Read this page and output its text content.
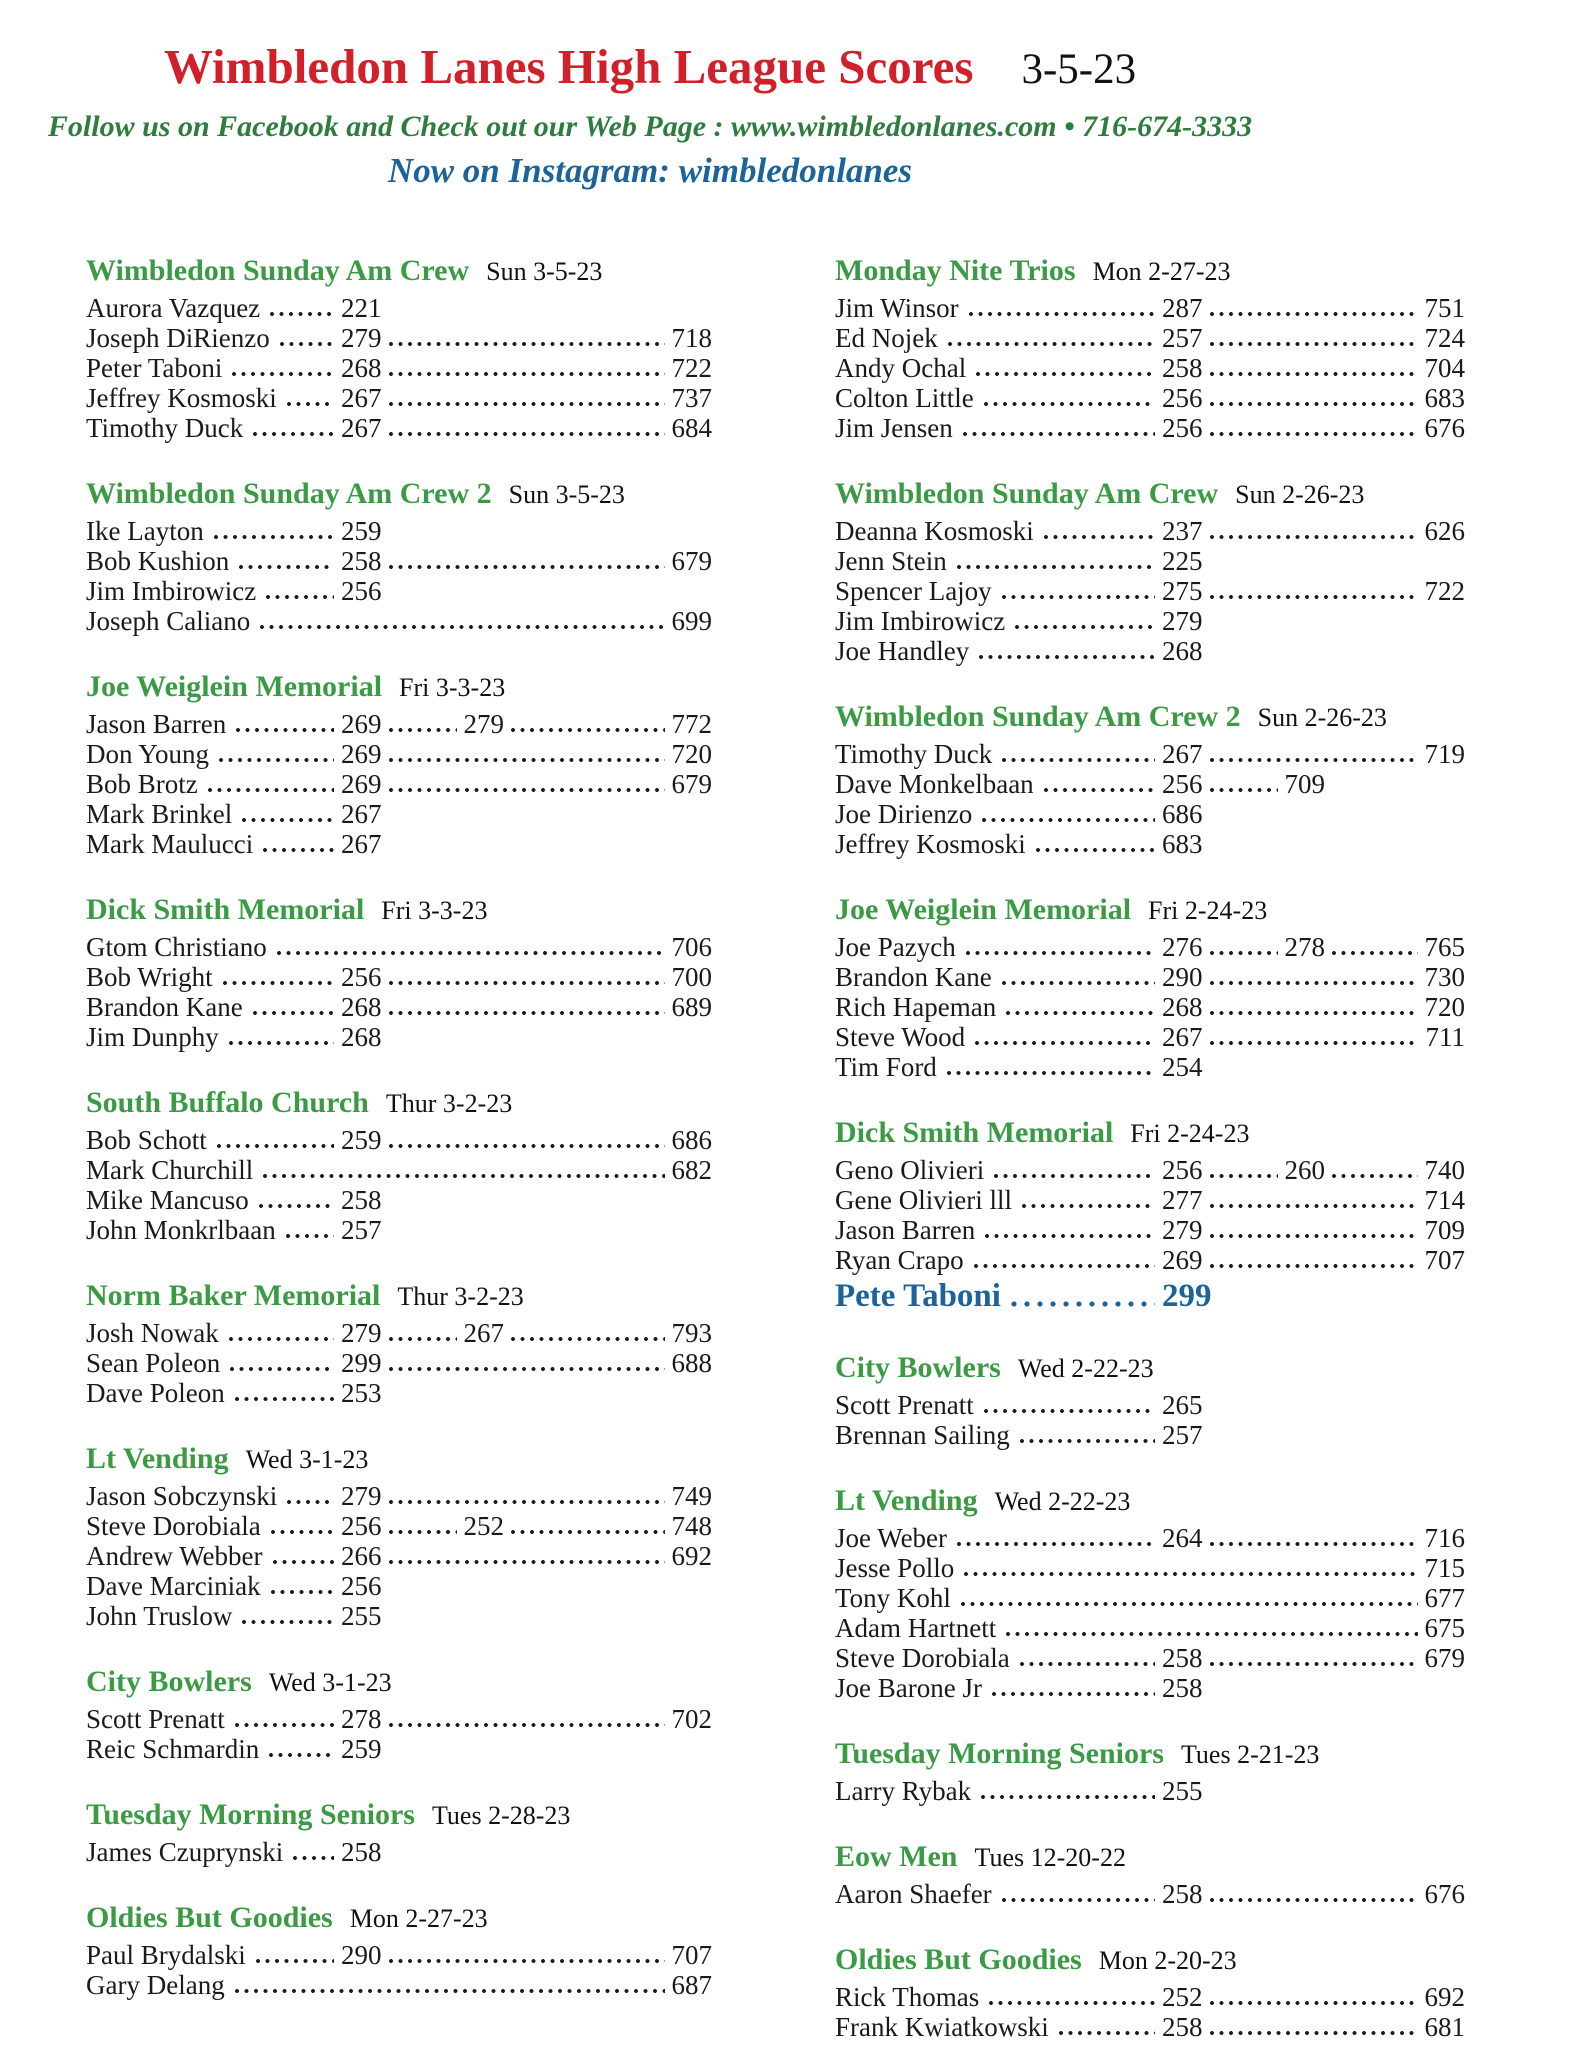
Wimbledon Lanes High League Scores 3-5-23
Follow us on Facebook and Check out our Web Page : www.wimbledonlanes.com • 716-674-3333
Now on Instagram: wimbledonlanes
Wimbledon Sunday Am Crew Sun 3-5-23
Aurora Vazquez	221
Joseph DiRienzo	279	718
Peter Taboni	268	722
Jeffrey Kosmoski 267	737
Timothy Duck	267	684
Wimbledon Sunday Am Crew 2 Sun 3-5-23
Ike Layton	259
Bob Kushion	258	679
Jim Imbirowicz	256
Joseph Caliano	699
Joe Weiglein Memorial Fri 3-3-23
Jason Barren	269	279	772
Don Young	269	720
Bob Brotz	269	679
Mark Brinkel	267
Mark Maulucci	267
Dick Smith Memorial Fri 3-3-23
Gtom Christiano	706
Bob Wright	256	700
Brandon Kane	268	689
Jim Dunphy	268
South Buffalo Church Thur 3-2-23
Bob Schott	259	686
Mark Churchill	682
Mike Mancuso	258
John Monkrlbaan 257
Norm Baker Memorial Thur 3-2-23
Josh Nowak	279	267	793
Sean Poleon	299	688
Dave Poleon	253
Lt Vending Wed 3-1-23
Jason Sobczynski 279	749
Steve Dorobiala	256	252	748
Andrew Webber	266	692
Dave Marciniak	256
John Truslow	255
City Bowlers Wed 3-1-23
Scott Prenatt	278	702
Reic Schmardin	259
Tuesday Morning Seniors Tues 2-28-23
James Czuprynski 258
Oldies But Goodies Mon 2-27-23
Paul Brydalski	290	707
Gary Delang	687
Monday Nite Trios Mon 2-27-23
Jim Winsor	287	751
Ed Nojek	257	724
Andy Ochal	258	704
Colton Little	256	683
Jim Jensen	256	676
Wimbledon Sunday Am Crew Sun 2-26-23
Deanna Kosmoski	237	626
Jenn Stein	225
Spencer Lajoy	275	722
Jim Imbirowicz	279
Joe Handley	268
Wimbledon Sunday Am Crew 2 Sun 2-26-23
Timothy Duck	267	719
Dave Monkelbaan	256	709
Joe Dirienzo	686
Jeffrey Kosmoski	683
Joe Weiglein Memorial Fri 2-24-23
Joe Pazych	276	278	765
Brandon Kane	290	730
Rich Hapeman	268	720
Steve Wood	267	711
Tim Ford	254
Dick Smith Memorial Fri 2-24-23
Geno Olivieri	256	260	740
Gene Olivieri lll	277	714
Jason Barren	279	709
Ryan Crapo	269	707
Pete Taboni	299
City Bowlers Wed 2-22-23
Scott Prenatt	265
Brennan Sailing	257
Lt Vending Wed 2-22-23
Joe Weber	264	716
Jesse Pollo	715
Tony Kohl	677
Adam Hartnett	675
Steve Dorobiala	258	679
Joe Barone Jr	258
Tuesday Morning Seniors Tues 2-21-23
Larry Rybak	255
Eow Men Tues 12-20-22
Aaron Shaefer	258	676
Oldies But Goodies Mon 2-20-23
Rick Thomas	252	692
Frank Kwiatkowski	258	681
